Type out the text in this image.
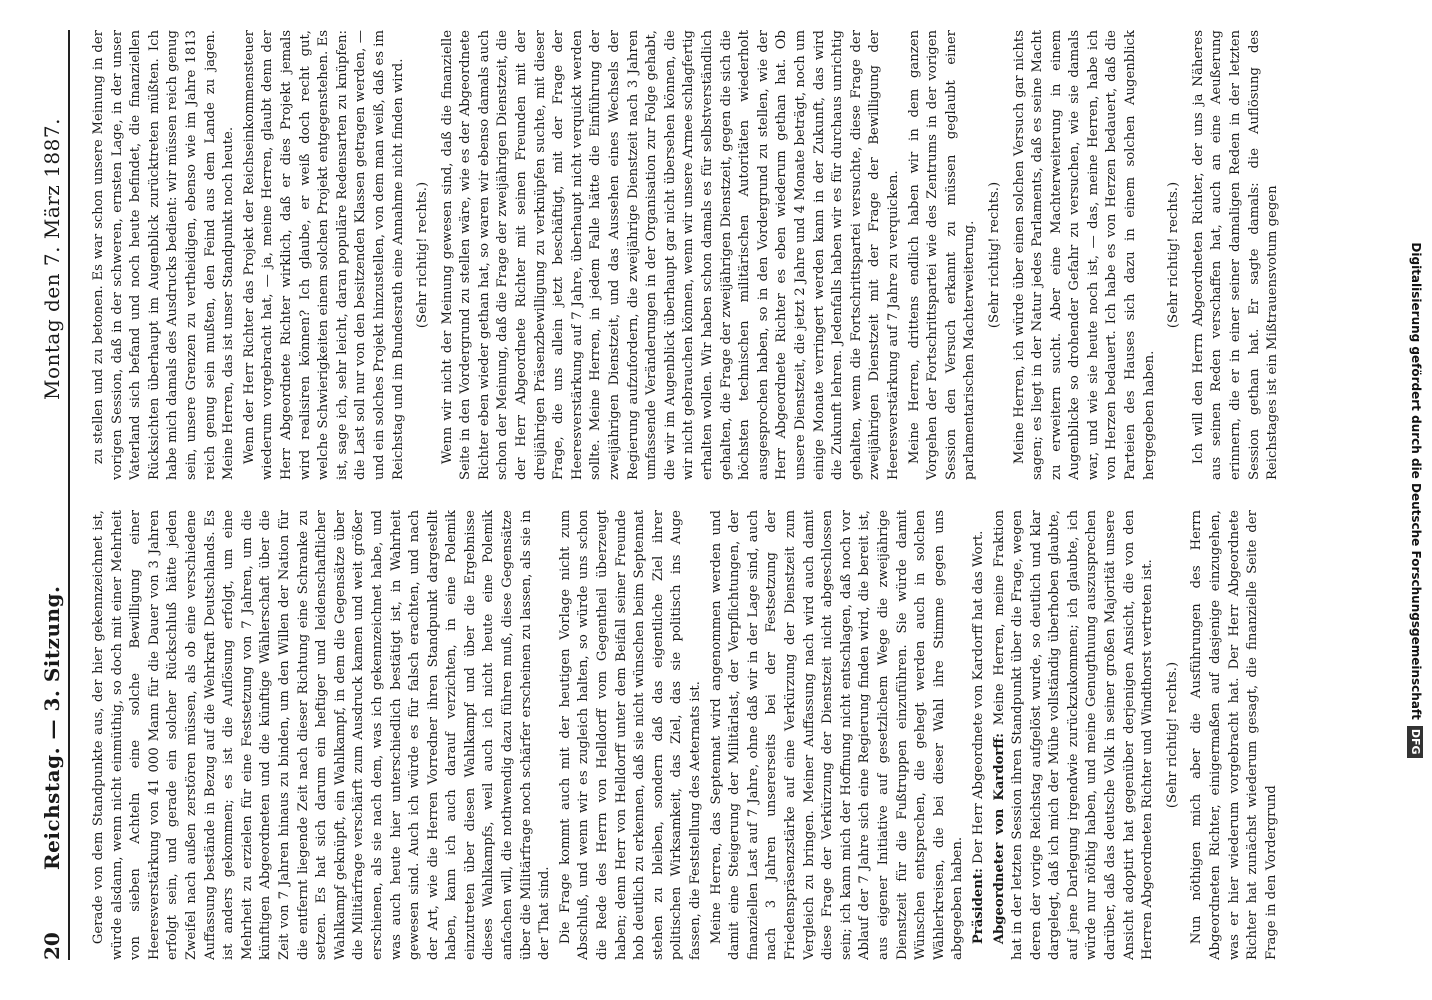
20
Reichstag. — 3. Sitzung.
Montag den 7. März 1887.

Gerade von dem Standpunkte aus, der hier gekennzeichnet ist, würde alsdann, wenn nicht einmüthig, so doch mit einer Mehrheit von sieben Achteln eine solche Bewilligung einer Heeresverstärkung von 41 000 Mann für die Dauer von 3 Jahren erfolgt sein, und gerade ein solcher Rückschluß hätte jeden Zweifel nach außen zerstören müssen, als ob eine verschiedene Auffassung bestände in Bezug auf die Wehrkraft Deutschlands. Es ist anders gekommen; es ist die Auflösung erfolgt, um eine Mehrheit zu erzielen für eine Festsetzung von 7 Jahren, um die künftigen Abgeordneten und die künftige Wählerschaft über die Zeit von 7 Jahren hinaus zu binden, um den Willen der Nation für die entfernt liegende Zeit nach dieser Richtung eine Schranke zu setzen. Es hat sich darum ein heftiger und leidenschaftlicher Wahlkampf geknüpft, ein Wahlkampf, in dem die Gegensätze über die Militärfrage verschärft zum Ausdruck kamen und weit größer erschienen, als sie nach dem, was ich gekennzeichnet habe, und was auch heute hier unterschiedlich bestätigt ist, in Wahrheit gewesen sind. Auch ich würde es für falsch erachten, und nach der Art, wie die Herren Vorredner ihren Standpunkt dargestellt haben, kann ich auch darauf verzichten, in eine Polemik einzutreten über diesen Wahlkampf und über die Ergebnisse dieses Wahlkampfs, weil auch ich nicht heute eine Polemik anfachen will, die nothwendig dazu führen muß, diese Gegensätze über die Militärfrage noch schärfer erscheinen zu lassen, als sie in der That sind. Die Frage kommt auch mit der heutigen Vorlage nicht zum Abschluß, und wenn wir es zugleich halten, so würde uns schon die Rede des Herrn von Helldorff vom Gegentheil überzeugt haben; denn Herr von Helldorff unter dem Beifall seiner Freunde hob deutlich zu erkennen, daß sie nicht wünschen beim Septennat stehen zu bleiben, sondern daß das eigentliche Ziel ihrer politischen Wirksamkeit, das Ziel, das sie politisch ins Auge fassen, die Feststellung des Aeternats ist. Meine Herren, das Septennat wird angenommen werden und damit eine Steigerung der Militärlast, der Verpflichtungen, der finanziellen Last auf 7 Jahre, ohne daß wir in der Lage sind, auch nach 3 Jahren unsererseits bei der Festsetzung der Friedenspräsenzstärke auf eine Verkürzung der Dienstzeit zum Vergleich zu bringen. Meiner Auffassung nach wird auch damit diese Frage der Verkürzung der Dienstzeit nicht abgeschlossen sein; ich kann mich der Hoffnung nicht entschlagen, daß noch vor Ablauf der 7 Jahre sich eine Regierung finden wird, die bereit ist, aus eigener Initiative auf gesetzlichem Wege die zweijährige Dienstzeit für die Fußtruppen einzuführen. Sie würde damit Wünschen entsprechen, die gehegt werden auch in solchen Wählerkreisen, die bei dieser Wahl ihre Stimme gegen uns abgegeben haben. Präsident: Der Herr Abgeordnete von Kardorff hat das Wort. Abgeordneter von Kardorff: Meine Herren, meine Fraktion hat in der letzten Session ihren Standpunkt über die Frage, wegen deren der vorige Reichstag aufgelöst wurde, so deutlich und klar dargelegt, daß ich mich der Mühe vollständig überhoben glaubte, auf jene Darlegung irgendwie zurückzukommen; ich glaubte, ich würde nur nöthig haben, und meine Genugthuung auszusprechen darüber, daß das deutsche Volk in seiner großen Majorität unsere Ansicht adoptirt hat gegenüber derjenigen Ansicht, die von den Herren Abgeordneten Richter und Windthorst vertreten ist. (Sehr richtig! rechts.) Nun nöthigen mich aber die Ausführungen des Herrn Abgeordneten Richter, einigermaßen auf dasjenige einzugehen, was er hier wiederum vorgebracht hat. Der Herr Abgeordnete Richter hat zunächst wiederum gesagt, die finanzielle Seite der Frage in den Vordergrund

zu stellen und zu betonen. Es war schon unsere Meinung in der vorigen Session, daß in der schweren, ernsten Lage, in der unser Vaterland sich befand und noch heute befindet, die finanziellen Rücksichten überhaupt im Augenblick zurücktreten müßten. Ich habe mich damals des Ausdrucks bedient: wir müssen reich genug sein, unsere Grenzen zu vertheidigen, ebenso wie im Jahre 1813 reich genug sein mußten, den Feind aus dem Lande zu jagen. Meine Herren, das ist unser Standpunkt noch heute. Wenn der Herr Richter das Projekt der Reichseinkommensteuer wiederum vorgebracht hat, — ja, meine Herren, glaubt denn der Herr Abgeordnete Richter wirklich, daß er dies Projekt jemals wird realisiren können? Ich glaube, er weiß doch recht gut, welche Schwierigkeiten einem solchen Projekt entgegenstehen. Es ist, sage ich, sehr leicht, daran populäre Redensarten zu knüpfen: die Last soll nur von den besitzenden Klassen getragen werden, — und ein solches Projekt hinzustellen, von dem man weiß, daß es im Reichstag und im Bundesrath eine Annahme nicht finden wird. (Sehr richtig! rechts.) Wenn wir nicht der Meinung gewesen sind, daß die finanzielle Seite in den Vordergrund zu stellen wäre, wie es der Abgeordnete Richter eben wieder gethan hat, so waren wir ebenso damals auch schon der Meinung, daß die Frage der zweijährigen Dienstzeit, die der Herr Abgeordnete Richter mit seinen Freunden mit der dreijährigen Präsenzbewilligung zu verknüpfen suchte, mit dieser Frage, die uns allein jetzt beschäftigt, mit der Frage der Heeresverstärkung auf 7 Jahre, überhaupt nicht verquickt werden sollte. Meine Herren, in jedem Falle hätte die Einführung der zweijährigen Dienstzeit, und das Aussehen eines Wechsels der Regierung aufzufordern, die zweijährige Dienstzeit nach 3 Jahren umfassende Veränderungen in der Organisation zur Folge gehabt, die wir im Augenblick überhaupt gar nicht übersehen können, die wir nicht gebrauchen können, wenn wir unsere Armee schlagfertig erhalten wollen. Wir haben schon damals es für selbstverständlich gehalten, die Frage der zweijährigen Dienstzeit, gegen die sich die höchsten technischen militärischen Autoritäten wiederholt ausgesprochen haben, so in den Vordergrund zu stellen, wie der Herr Abgeordnete Richter es eben wiederum gethan hat. Ob unsere Dienstzeit, die jetzt 2 Jahre und 4 Monate beträgt, noch um einige Monate verringert werden kann in der Zukunft, das wird die Zukunft lehren. Jedenfalls haben wir es für durchaus unrichtig gehalten, wenn die Fortschrittspartei versuchte, diese Frage der zweijährigen Dienstzeit mit der Frage der Bewilligung der Heeresverstärkung auf 7 Jahre zu verquicken. Meine Herren, drittens endlich haben wir in dem ganzen Vorgehen der Fortschrittspartei wie des Zentrums in der vorigen Session den Versuch erkannt zu müssen geglaubt einer parlamentarischen Machterweiterung. (Sehr richtig! rechts.) Meine Herren, ich würde über einen solchen Versuch gar nichts sagen; es liegt in der Natur jedes Parlaments, daß es seine Macht zu erweitern sucht. Aber eine Machterweiterung in einem Augenblicke so drohender Gefahr zu versuchen, wie sie damals war, und wie sie heute noch ist, — das, meine Herren, habe ich von Herzen bedauert. Ich habe es von Herzen bedauert, daß die Parteien des Hauses sich dazu in einem solchen Augenblick hergegeben haben.

(Sehr richtig! rechts.) Ich will den Herrn Abgeordneten Richter, der uns ja Näheres aus seinen Reden verschaffen hat, auch an eine Aeußerung erinnern, die er in einer seiner damaligen Reden in der letzten Session gethan hat. Er sagte damals: die Auflösung des Reichstages ist ein Mißtrauensvotum gegen	Digitalisierung gefördert durch die Deutsche ForschungsgemeinschaftDFG
